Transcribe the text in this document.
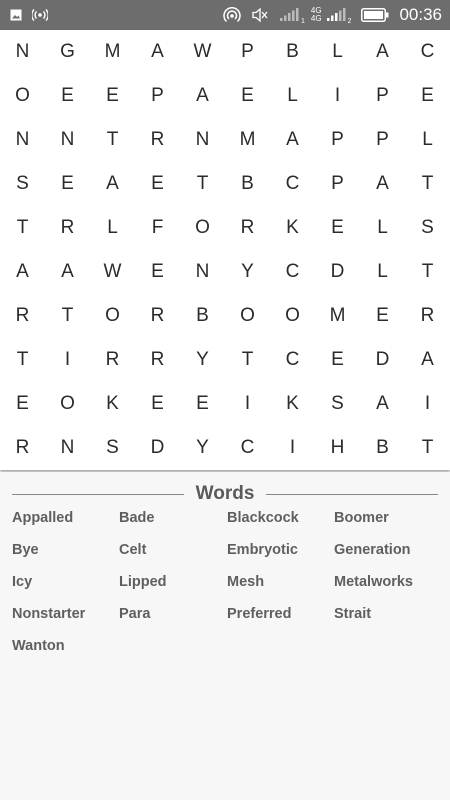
1
4G
4G	2	00:36
N	G	M	A	W	P	B	L	A	C
O	E	E	P	A	E	L	I	P	E
N	N	T	R	N	M	A	P	P	L
S	E	A	E	T	B	C	P	A	T
T	R	L	F	O	R	K	E	L	S
A	A	W	E	N	Y	C	D	L	T
R	T	O	R	B	O	O	M	E	R
T	I	R	R	Y	T	C	E	D	A
E	O	K	E	E	I	K	S	A	I
R	N	S	D	Y	C	I	H	B	T
Words
Appalled	Bade	Blackcock	Boomer
Bye	Celt	Embryotic	Generation
Icy	Lipped	Mesh	Metalworks
Nonstarter	Para	Preferred	Strait
Wanton
